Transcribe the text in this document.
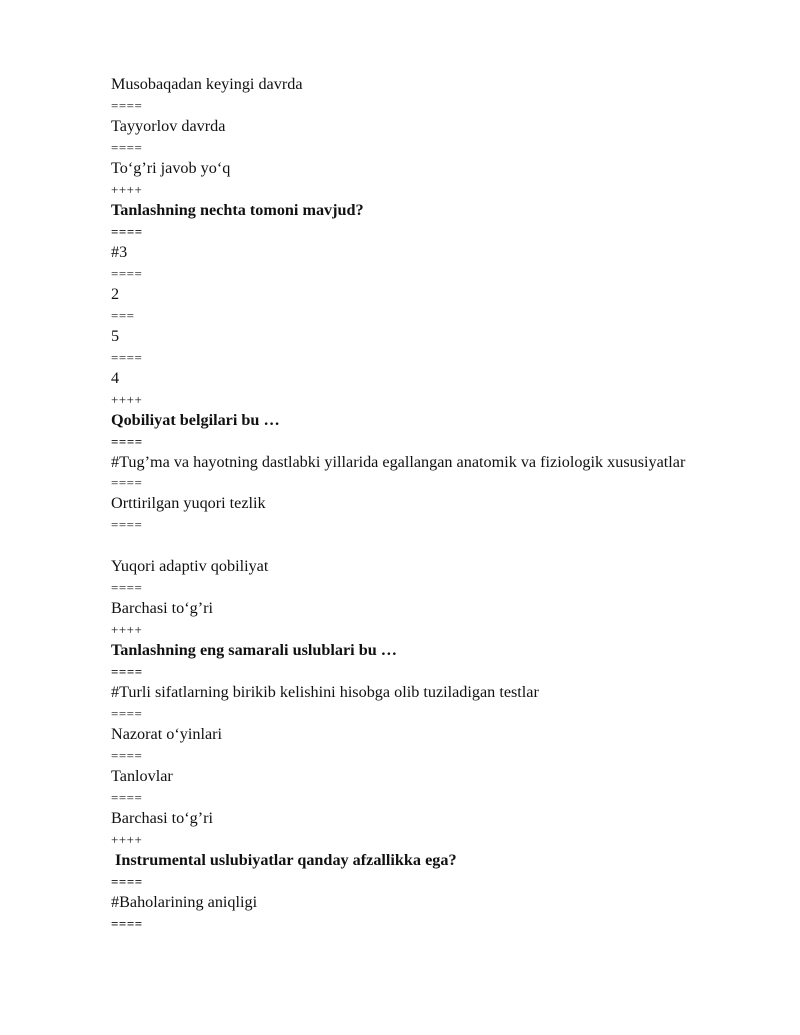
Musobaqadan keyingi davrda
====
Tayyorlov davrda
====
To‘g’ri javob yo‘q
++++
Tanlashning nechta tomoni mavjud?
====
#3
====
2
===
5
====
4
++++
Qobiliyat belgilari bu …
====
#Tug’ma va hayotning dastlabki yillarida egallangan anatomik va fiziologik xususiyatlar
====
Orttirilgan yuqori tezlik
====
Yuqori adaptiv qobiliyat
====
Barchasi to‘g’ri
++++
Tanlashning eng samarali uslublari bu …
====
#Turli sifatlarning birikib kelishini hisobga olib tuziladigan testlar
====
Nazorat o‘yinlari
====
Tanlovlar
====
Barchasi to‘g’ri
++++
Instrumental uslubiyatlar qanday afzallikka ega?
====
#Baholarining aniqligi
====
